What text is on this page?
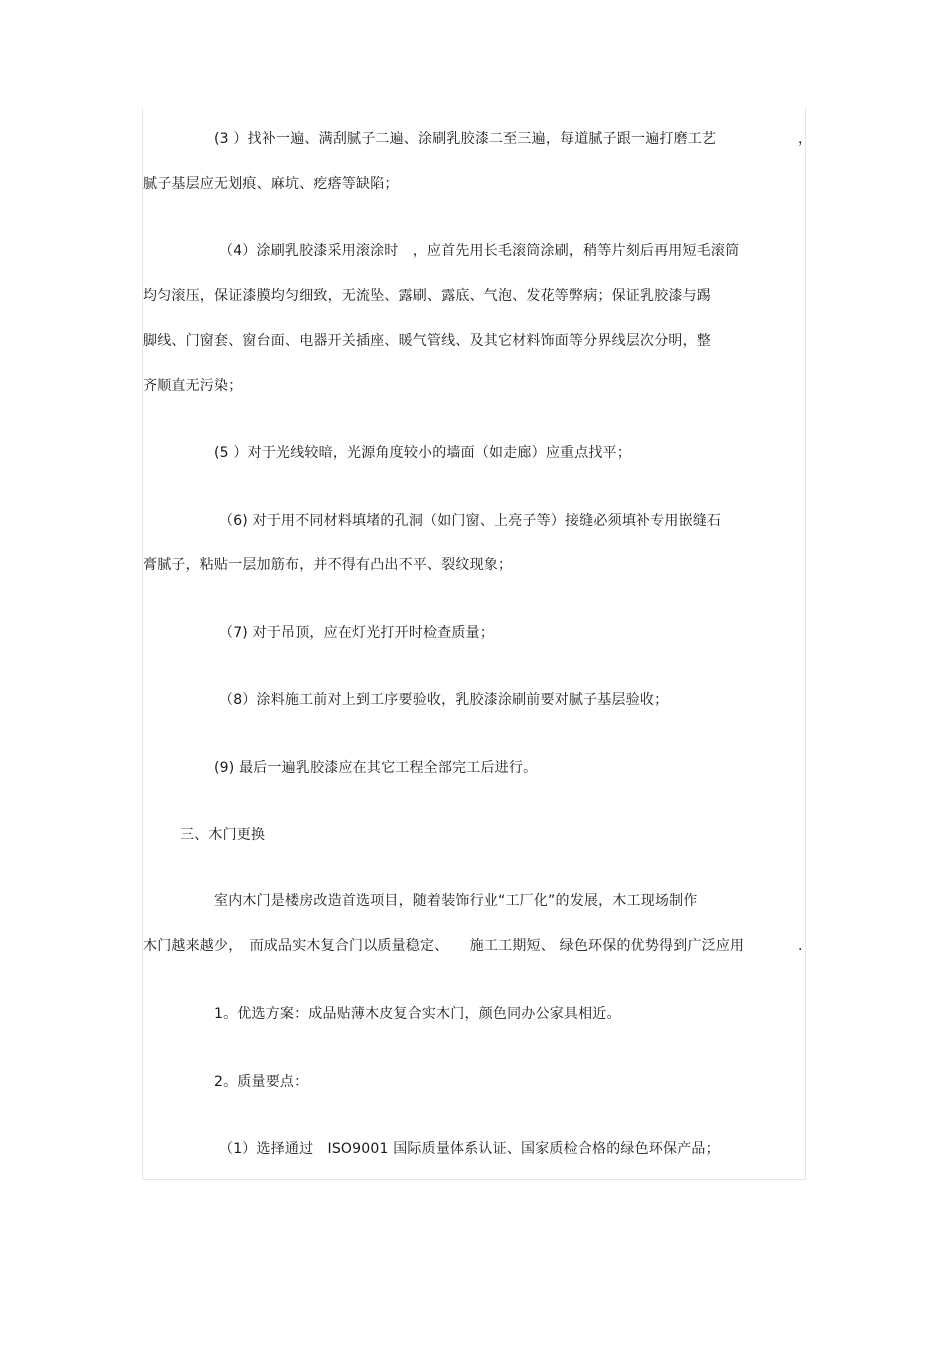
(3 ）找补一遍、满刮腻子二遍、涂刷乳胶漆二至三遍，每道腻子跟一遍打磨工艺	，
腻子基层应无划痕、麻坑、疙瘩等缺陷；
（4）涂刷乳胶漆采用滚涂时　，应首先用长毛滚筒涂刷，稍等片刻后再用短毛滚筒
均匀滚压，保证漆膜均匀细致，无流坠、露刷、露底、气泡、发花等弊病；保证乳胶漆与踢
脚线、门窗套、窗台面、电器开关插座、暖气管线、及其它材料饰面等分界线层次分明，整
齐顺直无污染；
(5 ）对于光线较暗，光源角度较小的墙面（如走廊）应重点找平；
（6) 对于用不同材料填堵的孔洞（如门窗、上亮子等）接缝必须填补专用嵌缝石
膏腻子，粘贴一层加筋布，并不得有凸出不平、裂纹现象；
（7) 对于吊顶，应在灯光打开时检查质量；
（8）涂料施工前对上到工序要验收，乳胶漆涂刷前要对腻子基层验收；
(9) 最后一遍乳胶漆应在其它工程全部完工后进行。
三、木门更换
室内木门是楼房改造首选项目，随着装饰行业“工厂化”的发展，木工现场制作
木门越来越少，　而成品实木复合门以质量稳定、　　施工工期短、 绿色环保的优势得到广泛应用	.
1。优选方案：成品贴薄木皮复合实木门，颜色同办公家具相近。
2。质量要点：
（1）选择通过　ISO9001 国际质量体系认证、国家质检合格的绿色环保产品；
